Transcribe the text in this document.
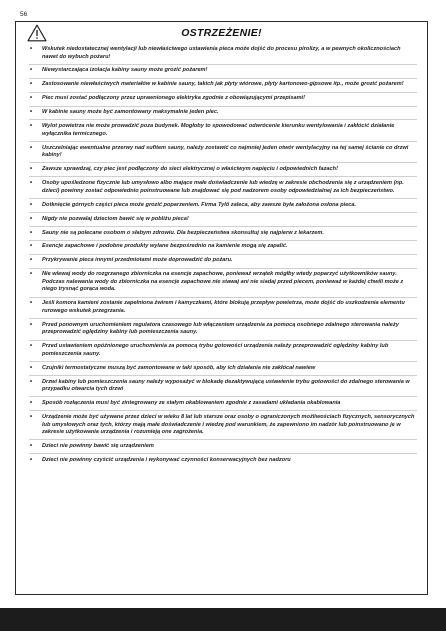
56
OSTRZEŻENIE!
• Wskutek niedostatecznej wentylacji lub niewłaściwego ustawienia pieca może dojść do procesu pirolizy, a w pewnych okolicznościach nawet do wybuch pożaru!
• Niewystarczająca izolacja kabiny sauny może grozić pożarem!
• Zastosowanie niewłaściwych materiałów w kabinie sauny, takich jak płyty wiórowe, płyty kartonowo-gipsowe itp., może grozić pożarem!
• Piec musi zostać podłączony przez uprawnionego elektryka zgodnie z obowiązującymi przepisami!
• W kabinie sauny może być zamontowany maksymalnie jeden piec.
• Wylot powietrza nie może prowadzić poza budynek. Mogłoby to spowodować odwrócenie kierunku wentylowania i zakłócić działanie wyłącznika termicznego.
• Uszczelniając ewentualne przerwy nad sufitem sauny, należy zostawić co najmniej jeden otwór wentylacyjny na tej samej ścianie co drzwi kabiny!
• Zawsze sprawdzaj, czy piec jest podłączony do sieci elektrycznej o właściwym napięciu i odpowiednich fazach!
• Osoby upośledzone fizycznie lub umysłowo albo mające małe doświadczenie lub wiedzę w zakresie obchodzenia się z urządzeniem (np. dzieci) powinny zostać odpowiednio poinstruowane lub znajdować się pod nadzorem osoby odpowiedzialnej za ich bezpieczeństwo.
• Dotknięcie górnych części pieca może grozić poparzeniem. Firma Tylö zaleca, aby zawsze była założona osłona pieca.
• Nigdy nie pozwalaj dzieciom bawić się w pobliżu pieca!
• Sauny nie są polecane osobom o słabym zdrowiu. Dla bezpieczeństwa skonsultuj się najpierw z lekarzem.
• Esencje zapachowe i podobne produkty wylane bezpośrednio na kamienie mogą się zapalić.
• Przykrywanie pieca innymi przedmiotami może doprowadzić do pożaru.
• Nie wlewaj wody do rozgrzanego zbiorniczka na esencje zapachowe, ponieważ wrzątek mógłby wtedy poparzyć użytkowników sauny. Podczas nalewania wody do zbiorniczka na esencje zapachowe nie stawaj ani nie siadaj przed piecem, ponieważ w każdej chwili może z niego trysnąć gorąca woda.
• Jeśli komora kamieni zostanie zapełniona żwirem i kamyczkami, które blokują przepływ powietrza, może dojść do uszkodzenia elementu rurowego wskutek przegrzania.
• Przed ponownym uruchomieniem regulatora czasowego lub włączeniem urządzenia za pomocą osobnego zdalnego sterowania należy przeprowadzić oględziny kabiny lub pomieszczenia sauny.
• Przed ustawieniem opóźnionego uruchomienia za pomocą trybu gotowości urządzenia należy przeprowadzić oględziny kabiny lub pomieszczenia sauny.
• Czujniki termostatyczne muszą być zamontowane w taki sposób, aby ich działania nie zakłócał nawiew
• Drzwi kabiny lub pomieszczenia sauny należy wyposażyć w blokadę dezaktywującą ustawienie trybu gotowości do zdalnego sterowania w przypadku otwarcia tych drzwi
• Sposób rozłączenia musi być zintegrowany ze stałym okablowaniem zgodnie z zasadami układania okablowania
• Urządzenie może być używane przez dzieci w wieku 8 lat lub starsze oraz osoby o ograniczonych możliwościach fizycznych, sensorycznych lub umysłowych oraz tych, którzy mają małe doświadczenie i wiedzę pod warunkiem, że zapewniono im nadzór lub poinstruowano je w zakresie użytkowania urządzenia i rozumieją one zagrożenia.
• Dzieci nie powinny bawić się urządzeniem
• Dzieci nie powinny czyścić urządzenia i wykonywać czynności konserwacyjnych bez nadzoru
